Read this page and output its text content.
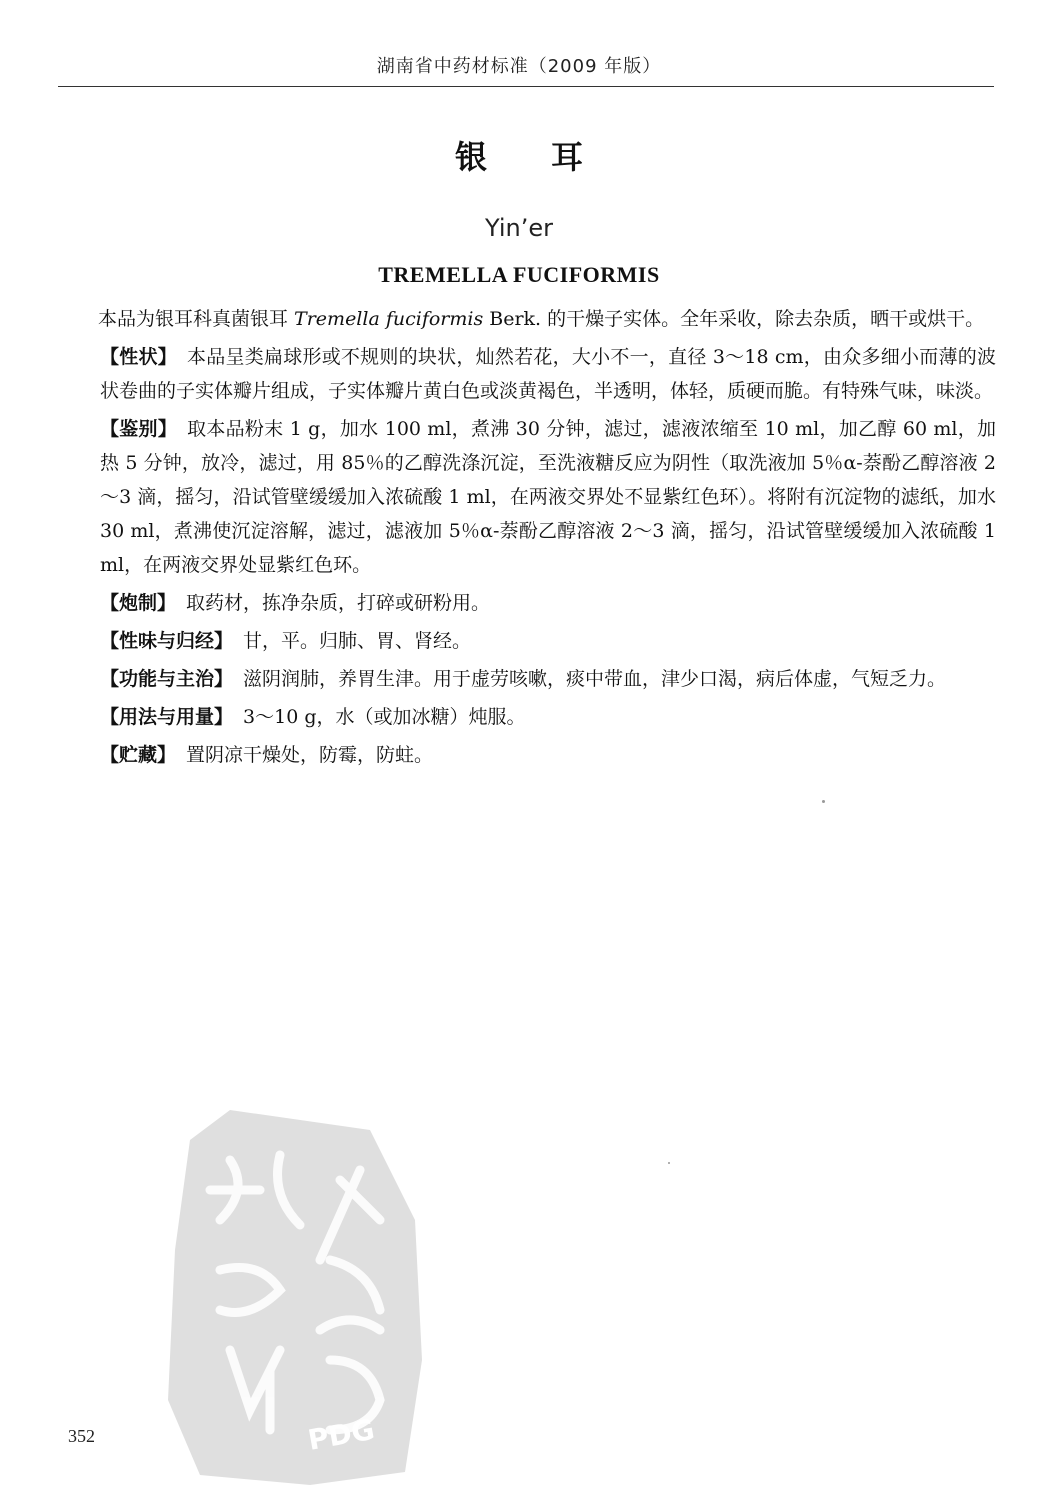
湖南省中药材标准（2009 年版）
银耳
Yin’er
TREMELLA FUCIFORMIS

本品为银耳科真菌银耳 Tremella fuciformis Berk. 的干燥子实体。全年采收，除去杂质，晒干或烘干。

【性状】 本品呈类扁球形或不规则的块状，灿然若花，大小不一，直径 3～18 cm，由众多细小而薄的波状卷曲的子实体瓣片组成，子实体瓣片黄白色或淡黄褐色，半透明，体轻，质硬而脆。有特殊气味，味淡。

【鉴别】 取本品粉末 1 g，加水 100 ml，煮沸 30 分钟，滤过，滤液浓缩至 10 ml，加乙醇 60 ml，加热 5 分钟，放冷，滤过，用 85％的乙醇洗涤沉淀，至洗液糖反应为阴性（取洗液加 5％α-萘酚乙醇溶液 2～3 滴，摇匀，沿试管壁缓缓加入浓硫酸 1 ml，在两液交界处不显紫红色环）。将附有沉淀物的滤纸，加水 30 ml，煮沸使沉淀溶解，滤过，滤液加 5％α-萘酚乙醇溶液 2～3 滴，摇匀，沿试管壁缓缓加入浓硫酸 1 ml，在两液交界处显紫红色环。

【炮制】 取药材，拣净杂质，打碎或研粉用。

【性味与归经】 甘，平。归肺、胃、肾经。

【功能与主治】 滋阴润肺，养胃生津。用于虚劳咳嗽，痰中带血，津少口渴，病后体虚，气短乏力。

【用法与用量】 3～10 g，水（或加冰糖）炖服。

【贮藏】 置阴凉干燥处，防霉，防蛀。

PDG
352
